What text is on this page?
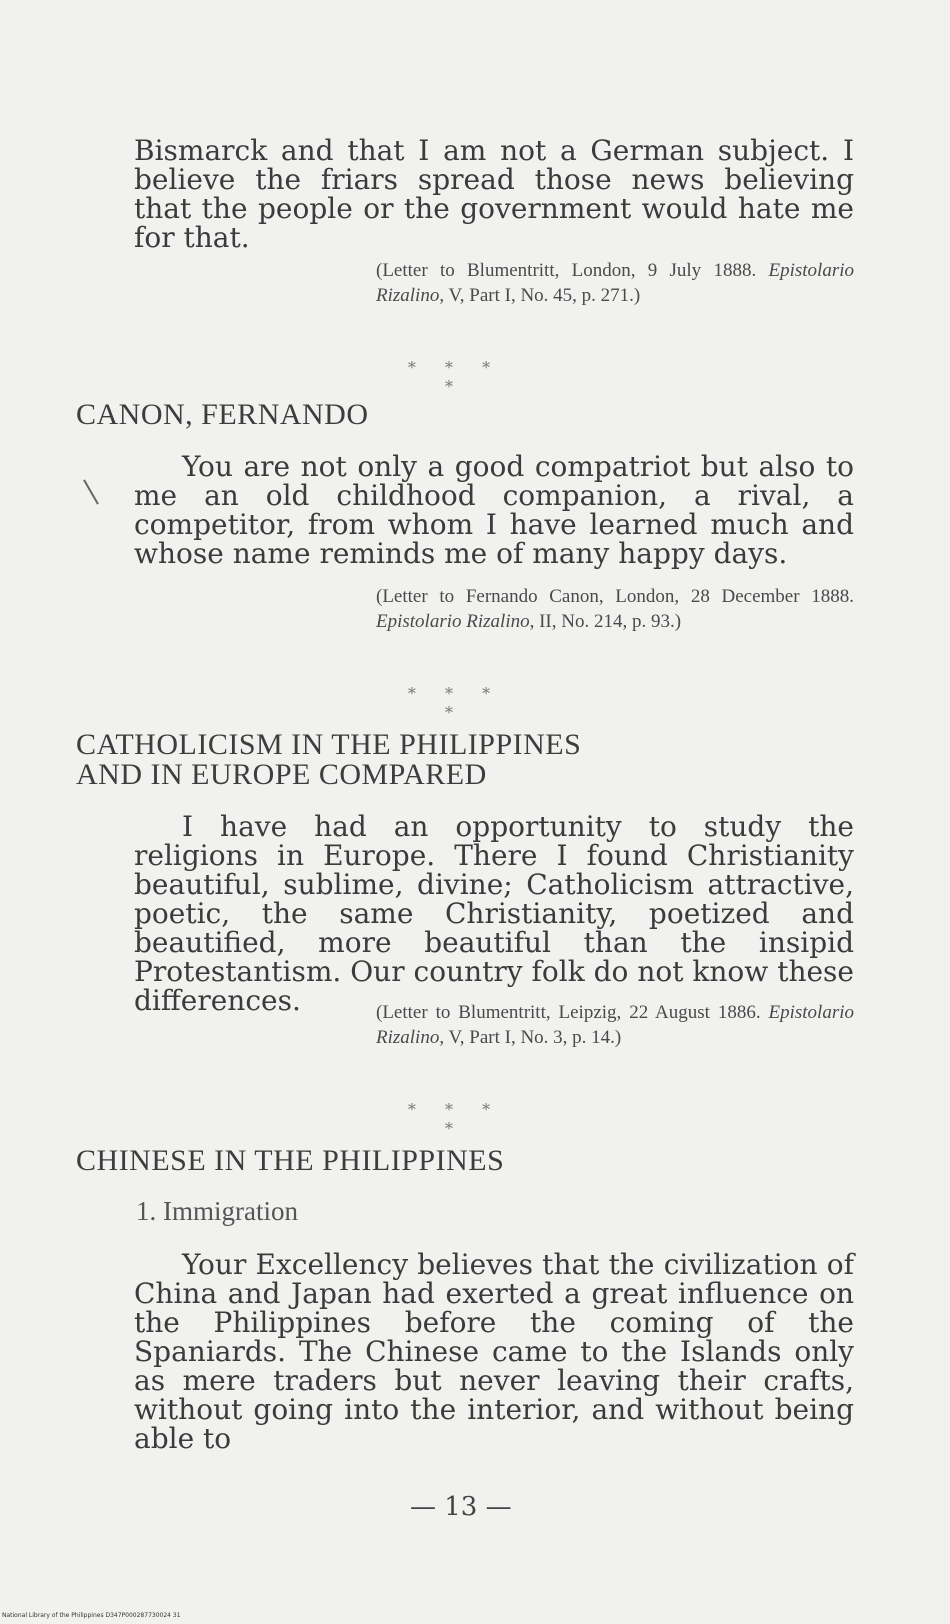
Bismarck and that I am not a German subject. I believe the friars spread those news believing that the people or the government would hate me for that.

(Letter to Blumentritt, London, 9 July 1888. Epistolario Rizalino, V, Part I, No. 45, p. 271.)

* * * *
CANON, FERNANDO

You are not only a good compatriot but also to me an old childhood companion, a rival, a competitor, from whom I have learned much and whose name reminds me of many happy days.

(Letter to Fernando Canon, London, 28 December 1888. Epistolario Rizalino, II, No. 214, p. 93.)

* * * *
CATHOLICISM IN THE PHILIPPINES
AND IN EUROPE COMPARED

I have had an opportunity to study the religions in Europe. There I found Christianity beautiful, sublime, divine; Catholicism attractive, poetic, the same Christianity, poetized and beautified, more beautiful than the insipid Protestantism. Our country folk do not know these differences.	(Letter to Blumentritt, Leipzig, 22 August 1886. Epistolario Rizalino, V, Part I, No. 3, p. 14.)

* * * *
CHINESE IN THE PHILIPPINES
1. Immigration

Your Excellency believes that the civilization of China and Japan had exerted a great influence on the Philippines before the coming of the Spaniards. The Chinese came to the Islands only as mere traders but never leaving their crafts, without going into the interior, and without being able to

— 13 —
National Library of the Philippines D347P000287730024 31
